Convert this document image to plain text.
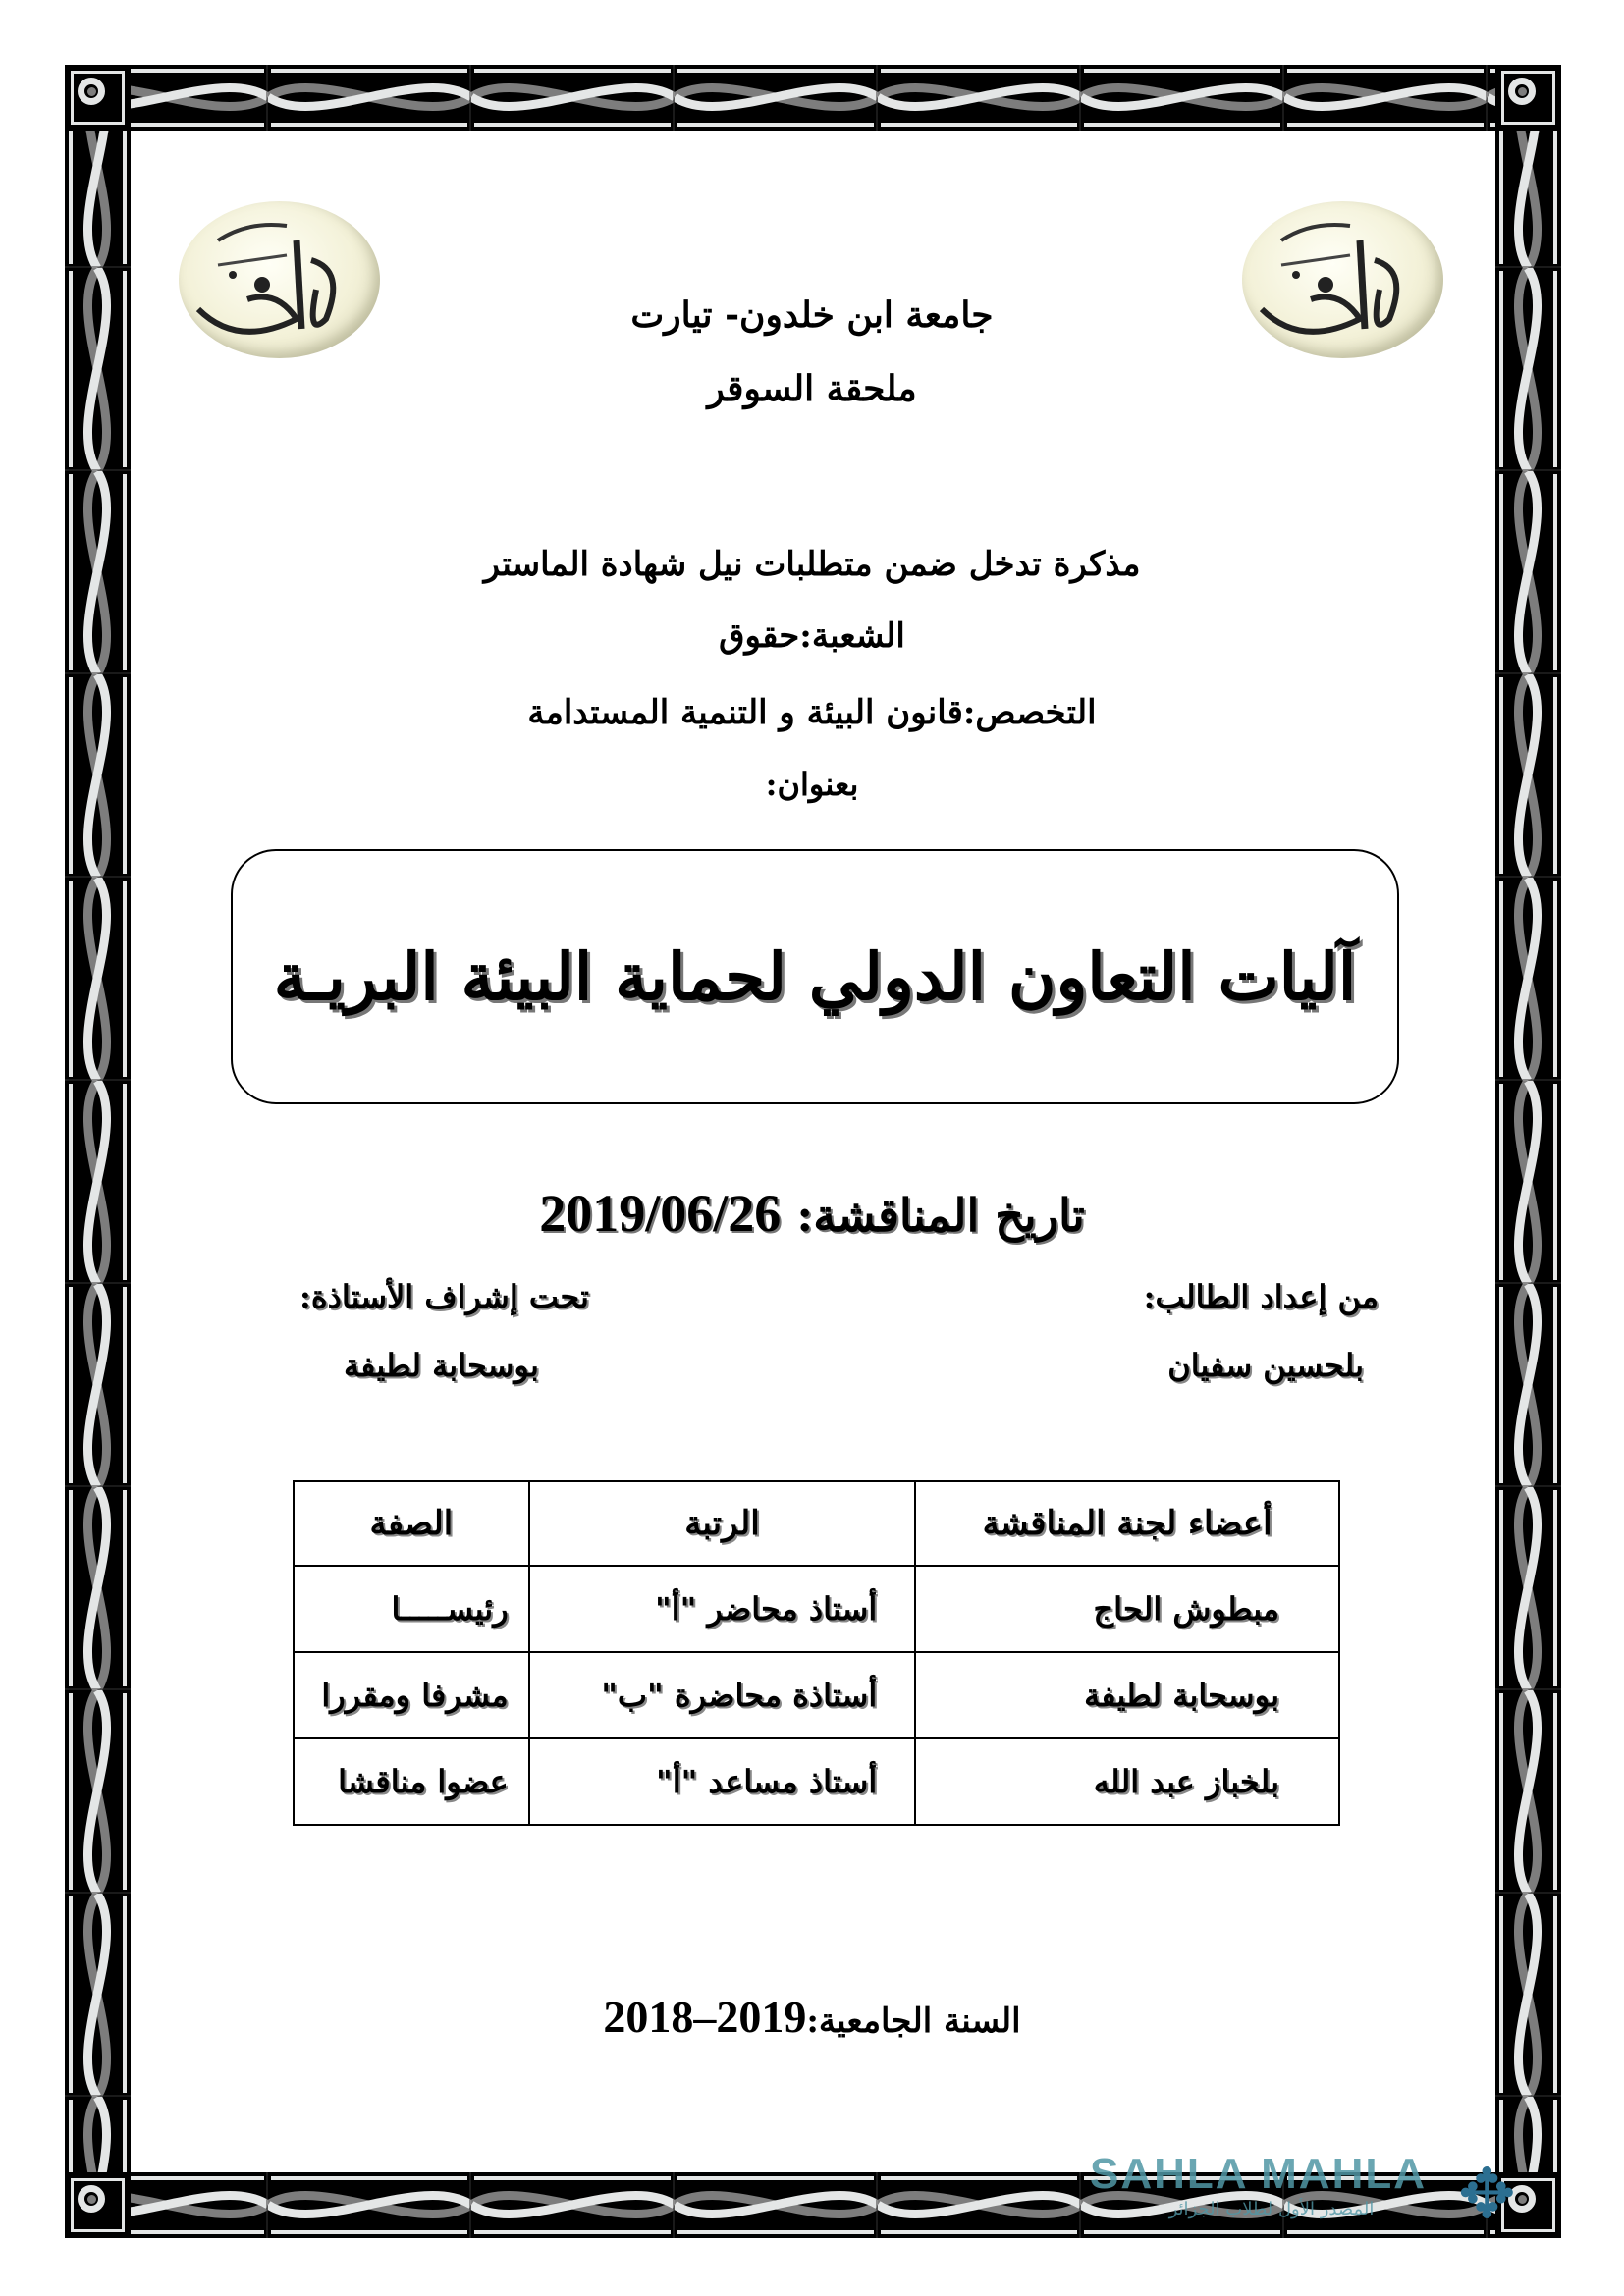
جامعة ابن خلدون- تيارت
ملحقة السوقر
مذكرة تدخل ضمن متطلبات نيل شهادة الماستر
الشعبة:حقوق
التخصص:قانون البيئة و التنمية المستدامة
بعنوان:
آليات التعاون الدولي لحماية البيئة البريـة
تاريخ المناقشة: 2019/06/26
من إعداد الطالب:
تحت إشراف الأستاذة:
بلحسين سفيان
بوسحابة لطيفة
أعضاء لجنة المناقشة	الرتبة	الصفة
مبطوش الحاج	أستاذ محاضر "أ"	رئيســـــا
بوسحابة لطيفة	أستاذة محاضرة "ب"	مشرفا ومقررا
بلخباز عبد الله	أستاذ مساعد "أ"	عضوا مناقشا
السنة الجامعية:2019–2018
SAHLA MAHLA
المصدر الأول لطلاب الجزائر	✥
